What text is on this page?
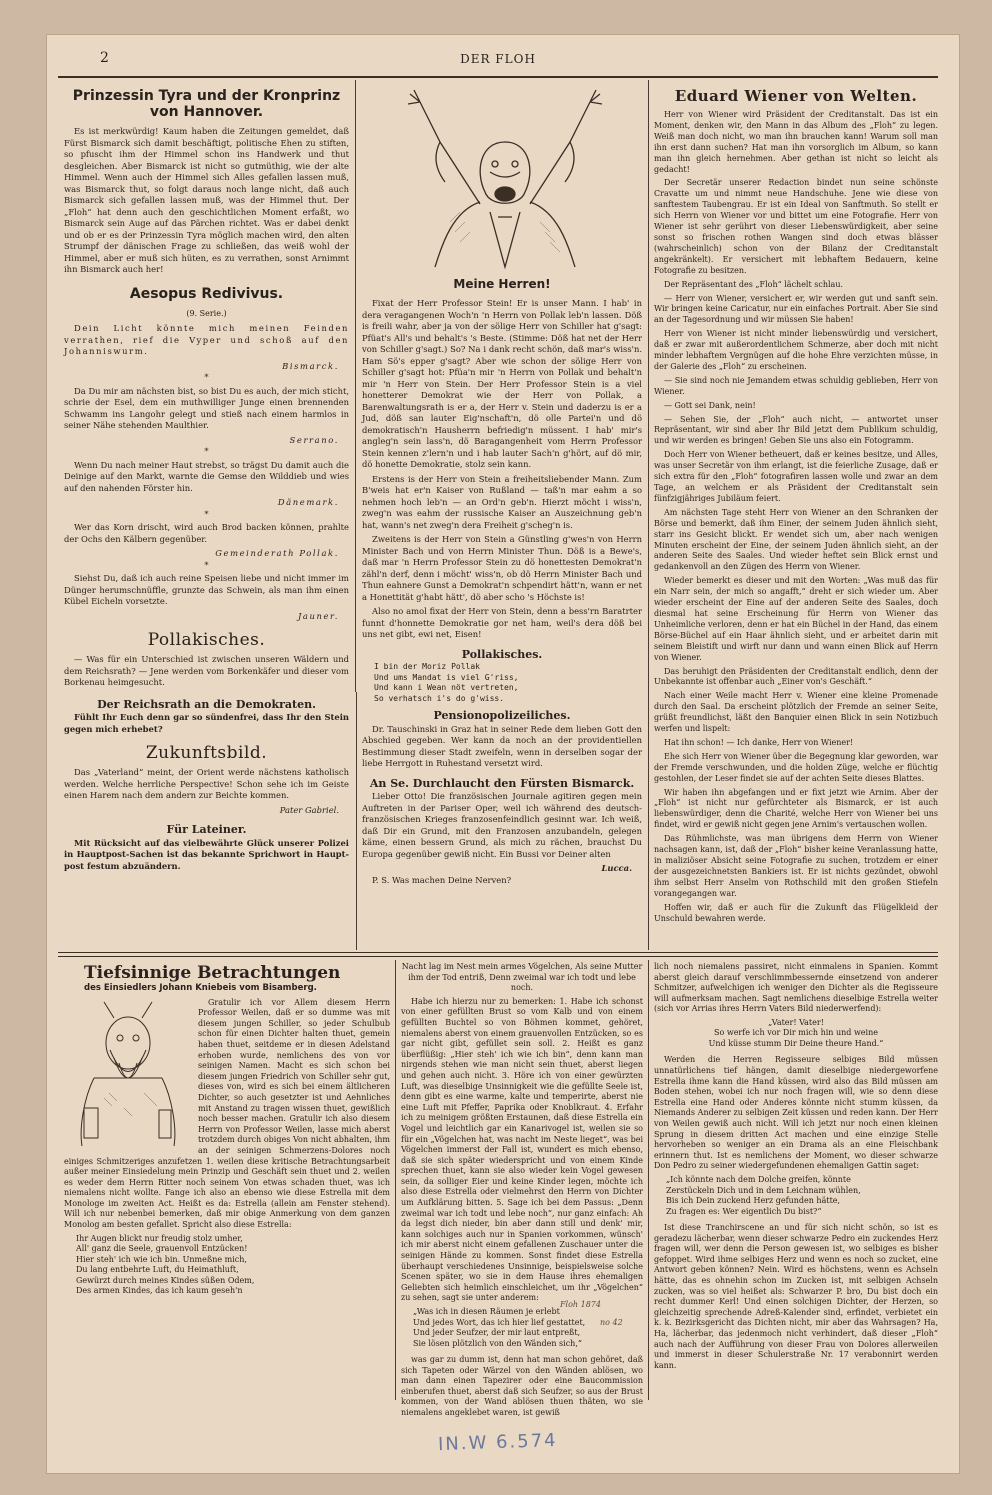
2	DER FLOH
Prinzessin Tyra und der Kronprinz von Hannover.

Es ist merkwürdig! Kaum haben die Zeitungen gemeldet, daß Fürst Bismarck sich damit beschäftigt, politische Ehen zu stiften, so pfuscht ihm der Himmel schon ins Handwerk und thut desgleichen. Aber Bismarck ist nicht so gutmüthig, wie der alte Himmel. Wenn auch der Himmel sich Alles gefallen lassen muß, was Bismarck thut, so folgt daraus noch lange nicht, daß auch Bismarck sich gefallen lassen muß, was der Himmel thut. Der „Floh“ hat denn auch den geschichtlichen Moment erfaßt, wo Bismarck sein Auge auf das Pärchen richtet. Was er dabei denkt und ob er es der Prinzessin Tyra möglich machen wird, den alten Strumpf der dänischen Frage zu schließen, das weiß wohl der Himmel, aber er muß sich hüten, es zu verrathen, sonst Arnimmt ihn Bismarck auch her!

Aesopus Redivivus.
(9. Serie.)

Dein Licht könnte mich meinen Feinden verrathen, rief die Vyper und schoß auf den Johanniswurm.

Bismarck.
*

Da Du mir am nächsten bist, so bist Du es auch, der mich sticht, schrie der Esel, dem ein muthwilliger Junge einen brennenden Schwamm ins Langohr gelegt und stieß nach einem harmlos in seiner Nähe stehenden Maulthier.

Serrano.
*

Wenn Du nach meiner Haut strebst, so trägst Du damit auch die Deinige auf den Markt, warnte die Gemse den Wilddieb und wies auf den nahenden Förster hin.

Dänemark.
*

Wer das Korn drischt, wird auch Brod backen können, prahlte der Ochs den Kälbern gegenüber.

Gemeinderath Pollak.
*

Siehst Du, daß ich auch reine Speisen liebe und nicht immer im Dünger herumschnüffle, grunzte das Schwein, als man ihm einen Kübel Eicheln vorsetzte.

Jauner.
Pollakisches.

— Was für ein Unterschied ist zwischen unseren Wäldern und dem Reichsrath? — Jene werden vom Borkenkäfer und dieser vom Borkenau heimgesucht.

Der Reichsrath an die Demokraten.

Fühlt Ihr Euch denn gar so sündenfrei, dass Ihr den Stein gegen mich erhebet?

Zukunftsbild.

Das „Vaterland“ meint, der Orient werde nächstens katholisch werden. Welche herrliche Perspective! Schon sehe ich im Geiste einen Harem nach dem andern zur Beichte kommen.

Pater Gabriel.
Für Lateiner.

Mit Rücksicht auf das vielbewährte Glück unserer Polizei in Hauptpost-Sachen ist das bekannte Sprichwort in Haupt-post festum abzuändern.

Meine Herren!

Fixat der Herr Professor Stein! Er is unser Mann. I hab' in dera veragangenen Woch'n 'n Herrn von Pollak leb'n lassen. Döß is freili wahr, aber ja von der sölige Herr von Schiller hat g'sagt: Pfüat's All's und behalt's 's Beste. (Stimme: Döß hat net der Herr von Schiller g'sagt.) So? Na i dank recht schön, daß mar's wiss'n. Ham Sö's epper g'sagt? Aber wie schon der sölige Herr von Schiller g'sagt hot: Pfüa'n mir 'n Herrn von Pollak und behalt'n mir 'n Herr von Stein. Der Herr Professor Stein is a viel honetterer Demokrat wie der Herr von Pollak, a Barenwaltungsrath is er a, der Herr v. Stein und daderzu is er a Jud, döß san lauter Eig'nschaft'n, dö olle Partei'n und dö demokratisch'n Hausherrn befriedig'n müssent. I hab' mir's angleg'n sein lass'n, dö Baragangenheit vom Herrn Professor Stein kennen z'lern'n und i hab lauter Sach'n g'hört, auf dö mir, dö honette Demokratie, stolz sein kann.

Erstens is der Herr von Stein a freiheitsliebender Mann. Zum B'weis hat er'n Kaiser von Rußland — taß'n mar eahm a so nehmen hoch leb'n — an Ord'n geb'n. Hierzt möcht i wiss'n, zweg'n was eahm der russische Kaiser an Auszeichnung geb'n hat, wann's net zweg'n dera Freiheit g'scheg'n is.

Zweitens is der Herr von Stein a Günstling g'wes'n von Herrn Minister Bach und von Herrn Minister Thun. Döß is a Bewe's, daß mar 'n Herrn Professor Stein zu dö honettesten Demokrat'n zähl'n derf, denn i möcht' wiss'n, ob dö Herrn Minister Bach und Thun eahnere Gunst a Demokrat'n schpendirt hätt'n, wann er net a Honettität g'habt hätt', dö aber scho 's Höchste is!

Also no amol fixat der Herr von Stein, denn a bess'rn Baratrter funnt d'honnette Demokratie gor net ham, weil's dera döß bei uns net gibt, ewi net, Eisen!

Pollakisches.
I bin der Moriz Pollak
Und ums Mandat is viel G'riss,
Und kann i Wean nöt vertreten,
So verhatsch i's do g'wiss.
Pensionopolizeiliches.

Dr. Tauschinski in Graz hat in seiner Rede dem lieben Gott den Abschied gegeben. Wer kann da noch an der providentiellen Bestimmung dieser Stadt zweifeln, wenn in derselben sogar der liebe Herrgott in Ruhestand versetzt wird.

An Se. Durchlaucht den Fürsten Bismarck.

Lieber Otto! Die französischen Journale agitiren gegen mein Auftreten in der Pariser Oper, weil ich während des deutsch-französischen Krieges franzosenfeindlich gesinnt war. Ich weiß, daß Dir ein Grund, mit den Franzosen anzubandeln, gelegen käme, einen bessern Grund, als mich zu rächen, brauchst Du Europa gegenüber gewiß nicht. Ein Bussi vor Deiner alten

Lucca.

P. S. Was machen Deine Nerven?

Eduard Wiener von Welten.

Herr von Wiener wird Präsident der Creditanstalt. Das ist ein Moment, denken wir, den Mann in das Album des „Floh“ zu legen. Weiß man doch nicht, wo man ihn brauchen kann! Warum soll man ihn erst dann suchen? Hat man ihn vorsorglich im Album, so kann man ihn gleich hernehmen. Aber gethan ist nicht so leicht als gedacht!

Der Secretär unserer Redaction bindet nun seine schönste Cravatte um und nimmt neue Handschuhe. Jene wie diese von sanftestem Taubengrau. Er ist ein Ideal von Sanftmuth. So stellt er sich Herrn von Wiener vor und bittet um eine Fotografie. Herr von Wiener ist sehr gerührt von dieser Liebenswürdigkeit, aber seine sonst so frischen rothen Wangen sind doch etwas blässer (wahrscheinlich) schon von der Bilanz der Creditanstalt angekränkelt). Er versichert mit lebhaftem Bedauern, keine Fotografie zu besitzen.

Der Repräsentant des „Floh“ lächelt schlau.

— Herr von Wiener, versichert er, wir werden gut und sanft sein. Wir bringen keine Caricatur, nur ein einfaches Portrait. Aber Sie sind an der Tagesordnung und wir müssen Sie haben!

Herr von Wiener ist nicht minder liebenswürdig und versichert, daß er zwar mit außerordentlichem Schmerze, aber doch mit nicht minder lebhaftem Vergnügen auf die hohe Ehre verzichten müsse, in der Galerie des „Floh“ zu erscheinen.

— Sie sind noch nie Jemandem etwas schuldig geblieben, Herr von Wiener.

— Gott sei Dank, nein!

— Sehen Sie, der „Floh“ auch nicht, — antwortet unser Repräsentant, wir sind aber Ihr Bild jetzt dem Publikum schuldig, und wir werden es bringen! Geben Sie uns also ein Fotogramm.

Doch Herr von Wiener betheuert, daß er keines besitze, und Alles, was unser Secretär von ihm erlangt, ist die feierliche Zusage, daß er sich extra für den „Floh“ fotografiren lassen wolle und zwar an dem Tage, an welchem er als Präsident der Creditanstalt sein fünfzigjähriges Jubiläum feiert.

Am nächsten Tage steht Herr von Wiener an den Schranken der Börse und bemerkt, daß ihm Einer, der seinem Juden ähnlich sieht, starr ins Gesicht blickt. Er wendet sich um, aber nach wenigen Minuten erscheint der Eine, der seinem Juden ähnlich sieht, an der anderen Seite des Saales. Und wieder heftet sein Blick ernst und gedankenvoll an den Zügen des Herrn von Wiener.

Wieder bemerkt es dieser und mit den Worten: „Was muß das für ein Narr sein, der mich so angafft,“ dreht er sich wieder um. Aber wieder erscheint der Eine auf der anderen Seite des Saales, doch diesmal hat seine Erscheinung für Herrn von Wiener das Unheimliche verloren, denn er hat ein Büchel in der Hand, das einem Börse-Büchel auf ein Haar ähnlich sieht, und er arbeitet darin mit seinem Bleistift und wirft nur dann und wann einen Blick auf Herrn von Wiener.

Das beruhigt den Präsidenten der Creditanstalt endlich, denn der Unbekannte ist offenbar auch „Einer von's Geschäft.“

Nach einer Weile macht Herr v. Wiener eine kleine Promenade durch den Saal. Da erscheint plötzlich der Fremde an seiner Seite, grüßt freundlichst, läßt den Banquier einen Blick in sein Notizbuch werfen und lispelt:

Hat ihn schon! — Ich danke, Herr von Wiener!

Ehe sich Herr von Wiener über die Begegnung klar geworden, war der Fremde verschwunden, und die holden Züge, welche er flüchtig gestohlen, der Leser findet sie auf der achten Seite dieses Blattes.

Wir haben ihn abgefangen und er fixt jetzt wie Arnim. Aber der „Floh“ ist nicht nur gefürchteter als Bismarck, er ist auch liebenswürdiger, denn die Charité, welche Herr von Wiener bei uns findet, wird er gewiß nicht gegen jene Arnim's vertauschen wollen.

Das Rühmlichste, was man übrigens dem Herrn von Wiener nachsagen kann, ist, daß der „Floh“ bisher keine Veranlassung hatte, in maliziöser Absicht seine Fotografie zu suchen, trotzdem er einer der ausgezeichnetsten Bankiers ist. Er ist nichts gezündet, obwohl ihm selbst Herr Anselm von Rothschild mit den großen Stiefeln vorangegangen war.

Hoffen wir, daß er auch für die Zukunft das Flügelkleid der Unschuld bewahren werde.

Tiefsinnige Betrachtungen
des Einsiedlers Johann Kniebeis vom Bisamberg.

Gratulir ich vor Allem diesem Herrn Professor Weilen, daß er so dumme was mit diesem jungen Schiller, so jeder Schulbub schon für einen Dichter halten thuet, gemein haben thuet, seitdeme er in diesen Adelstand erhoben wurde, nemlichens des von vor seinigen Namen. Macht es sich schon bei diesem jungen Friedrich von Schiller sehr gut, dieses von, wird es sich bei einem ältlicheren Dichter, so auch gesetzter ist und Aehnliches mit Anstand zu tragen wissen thuet, gewißlich noch besser machen. Gratulir ich also diesem Herrn von Professor Weilen, lasse mich aberst trotzdem durch obiges Von nicht abhalten, ihm an der seinigen Schmerzens-Dolores noch einiges Schmitzeriges anzufetzen 1. weilen diese kritische Betrachtungsarbeit außer meiner Einsiedelung mein Prinzip und Geschäft sein thuet und 2. weilen es weder dem Herrn Ritter noch seinem Von etwas schaden thuet, was ich niemalens nicht wollte. Fange ich also an ebenso wie diese Estrella mit dem Monologe im zweiten Act. Heißt es da: Estrella (allein am Fenster stehend). Will ich nur nebenbei bemerken, daß mir obige Anmerkung von dem ganzen Monolog am besten gefallet. Spricht also diese Estrella:

Ihr Augen blickt nur freudig stolz umher,
All' ganz die Seele, grauenvoll Entzücken!
Hier steh' ich wie ich bin. Unmeßne mich,
Du lang entbehrte Luft, du Heimathluft,
Gewürzt durch meines Kindes süßen Odem,
Des armen Kindes, das ich kaum geseh'n

Nacht lag im Nest mein armes Vögelchen, Als seine Mutter ihm der Tod entriß, Denn zweimal war ich todt und lebe noch.

Habe ich hierzu nur zu bemerken: 1. Habe ich schonst von einer gefüllten Brust so vom Kalb und von einem gefüllten Buchtel so von Böhmen kommet, gehöret, niemalens aberst von einem grauenvollen Entzücken, so es gar nicht gibt, gefüllet sein soll. 2. Heißt es ganz überflüßig: „Hier steh' ich wie ich bin“, denn kann man nirgends stehen wie man nicht sein thuet, aberst liegen und gehen auch nicht. 3. Höre ich von einer gewürzten Luft, was dieselbige Unsinnigkeit wie die gefüllte Seele ist, denn gibt es eine warme, kalte und temperirte, aberst nie eine Luft mit Pfeffer, Paprika oder Knoblkraut. 4. Erfahr ich zu meinigem größten Erstaunen, daß diese Estrella ein Vogel und leichtlich gar ein Kanarivogel ist, weilen sie so für ein „Vögelchen hat, was nacht im Neste lieget“, was bei Vögelchen immerst der Fall ist, wundert es mich ebenso, daß sie sich später wiederspricht und von einem Kinde sprechen thuet, kann sie also wieder kein Vogel gewesen sein, da solliger Eier und keine Kinder legen, möchte ich also diese Estrella oder vielmehrst den Herrn von Dichter um Aufklärung bitten. 5. Sage ich bei dem Passus: „Denn zweimal war ich todt und lebe noch“, nur ganz einfach: Ah da legst dich nieder, bin aber dann still und denk' mir, kann solchiges auch nur in Spanien vorkommen, wünsch' ich mir aberst nicht einem gefallenen Zuschauer unter die seinigen Hände zu kommen. Sonst findet diese Estrella überhaupt verschiedenes Unsinnige, beispielsweise solche Scenen später, wo sie in dem Hause ihres ehemaligen Geliebten sich heimlich einschleichet, um ihr „Vögelchen“ zu sehen, sagt sie unter anderem:

„Was ich in diesen Räumen je erlebt
Und jedes Wort, das ich hier lief gestattet,
Und jeder Seufzer, der mir laut entpreßt,
Sie lösen plötzlich von den Wänden sich,“

was gar zu dumm ist, denn hat man schon gehöret, daß sich Tapeten oder Wärzel von den Wänden ablösen, wo man dann einen Tapezirer oder eine Baucommission einberufen thuet, aberst daß sich Seufzer, so aus der Brust kommen, von der Wand ablösen thuen thäten, wo sie niemalens angeklebet waren, ist gewiß

lich noch niemalens passiret, nicht einmalens in Spanien. Kommt aberst gleich darauf verschlimmbessernde einsetzend von anderer Schmitzer, aufwelchigen ich weniger den Dichter als die Regisseure will aufmerksam machen. Sagt nemlichens dieselbige Estrella weiter (sich vor Arrias ihres Herrn Vaters Bild niederwerfend):

„Vater! Vater!
So werfe ich vor Dir mich hin und weine
Und küsse stumm Dir Deine theure Hand.“

Werden die Herren Regisseure selbiges Bild müssen unnatürlichens tief hängen, damit dieselbige niedergeworfene Estrella ihme kann die Hand küssen, wird also das Bild müssen am Boden stehen, wobei ich nur noch fragen will, wie so denn diese Estrella eine Hand oder Anderes könnte nicht stumm küssen, da Niemands Anderer zu selbigen Zeit küssen und reden kann. Der Herr von Weilen gewiß auch nicht. Will ich jetzt nur noch einen kleinen Sprung in diesem dritten Act machen und eine einzige Stelle hervorheben so weniger an ein Drama als an eine Fleischbank erinnern thut. Ist es nemlichens der Moment, wo dieser schwarze Don Pedro zu seiner wiedergefundenen ehemaligen Gattin saget:

„Ich könnte nach dem Dolche greifen, könnte
Zerstückeln Dich und in dem Leichnam wühlen,
Bis ich Dein zuckend Herz gefunden hätte,
Zu fragen es: Wer eigentlich Du bist?“

Ist diese Tranchirscene an und für sich nicht schön, so ist es geradezu lächerbar, wenn dieser schwarze Pedro ein zuckendes Herz fragen will, wer denn die Person gewesen ist, wo selbiges es bisher gefoppet. Wird ihme selbiges Herz und wenn es noch so zucket, eine Antwort geben können? Nein. Wird es höchstens, wenn es Achseln hätte, das es ohnehin schon im Zucken ist, mit selbigen Achseln zucken, was so viel heißet als: Schwarzer P. bro, Du bist doch ein recht dummer Kerl! Und einen solchigen Dichter, der Herzen, so gleichzeitig sprechende Adreß-Kalender sind, erfindet, verbietet ein k. k. Bezirksgericht das Dichten nicht, mir aber das Wahrsagen? Ha, Ha, lächerbar, das jedenmoch nicht verhindert, daß dieser „Floh“ auch nach der Aufführung von dieser Frau von Dolores allerweilen und immerst in dieser Schulerstraße Nr. 17 verabonnirt werden kann.

Floh 1874
no 42
IN.W 6.574
